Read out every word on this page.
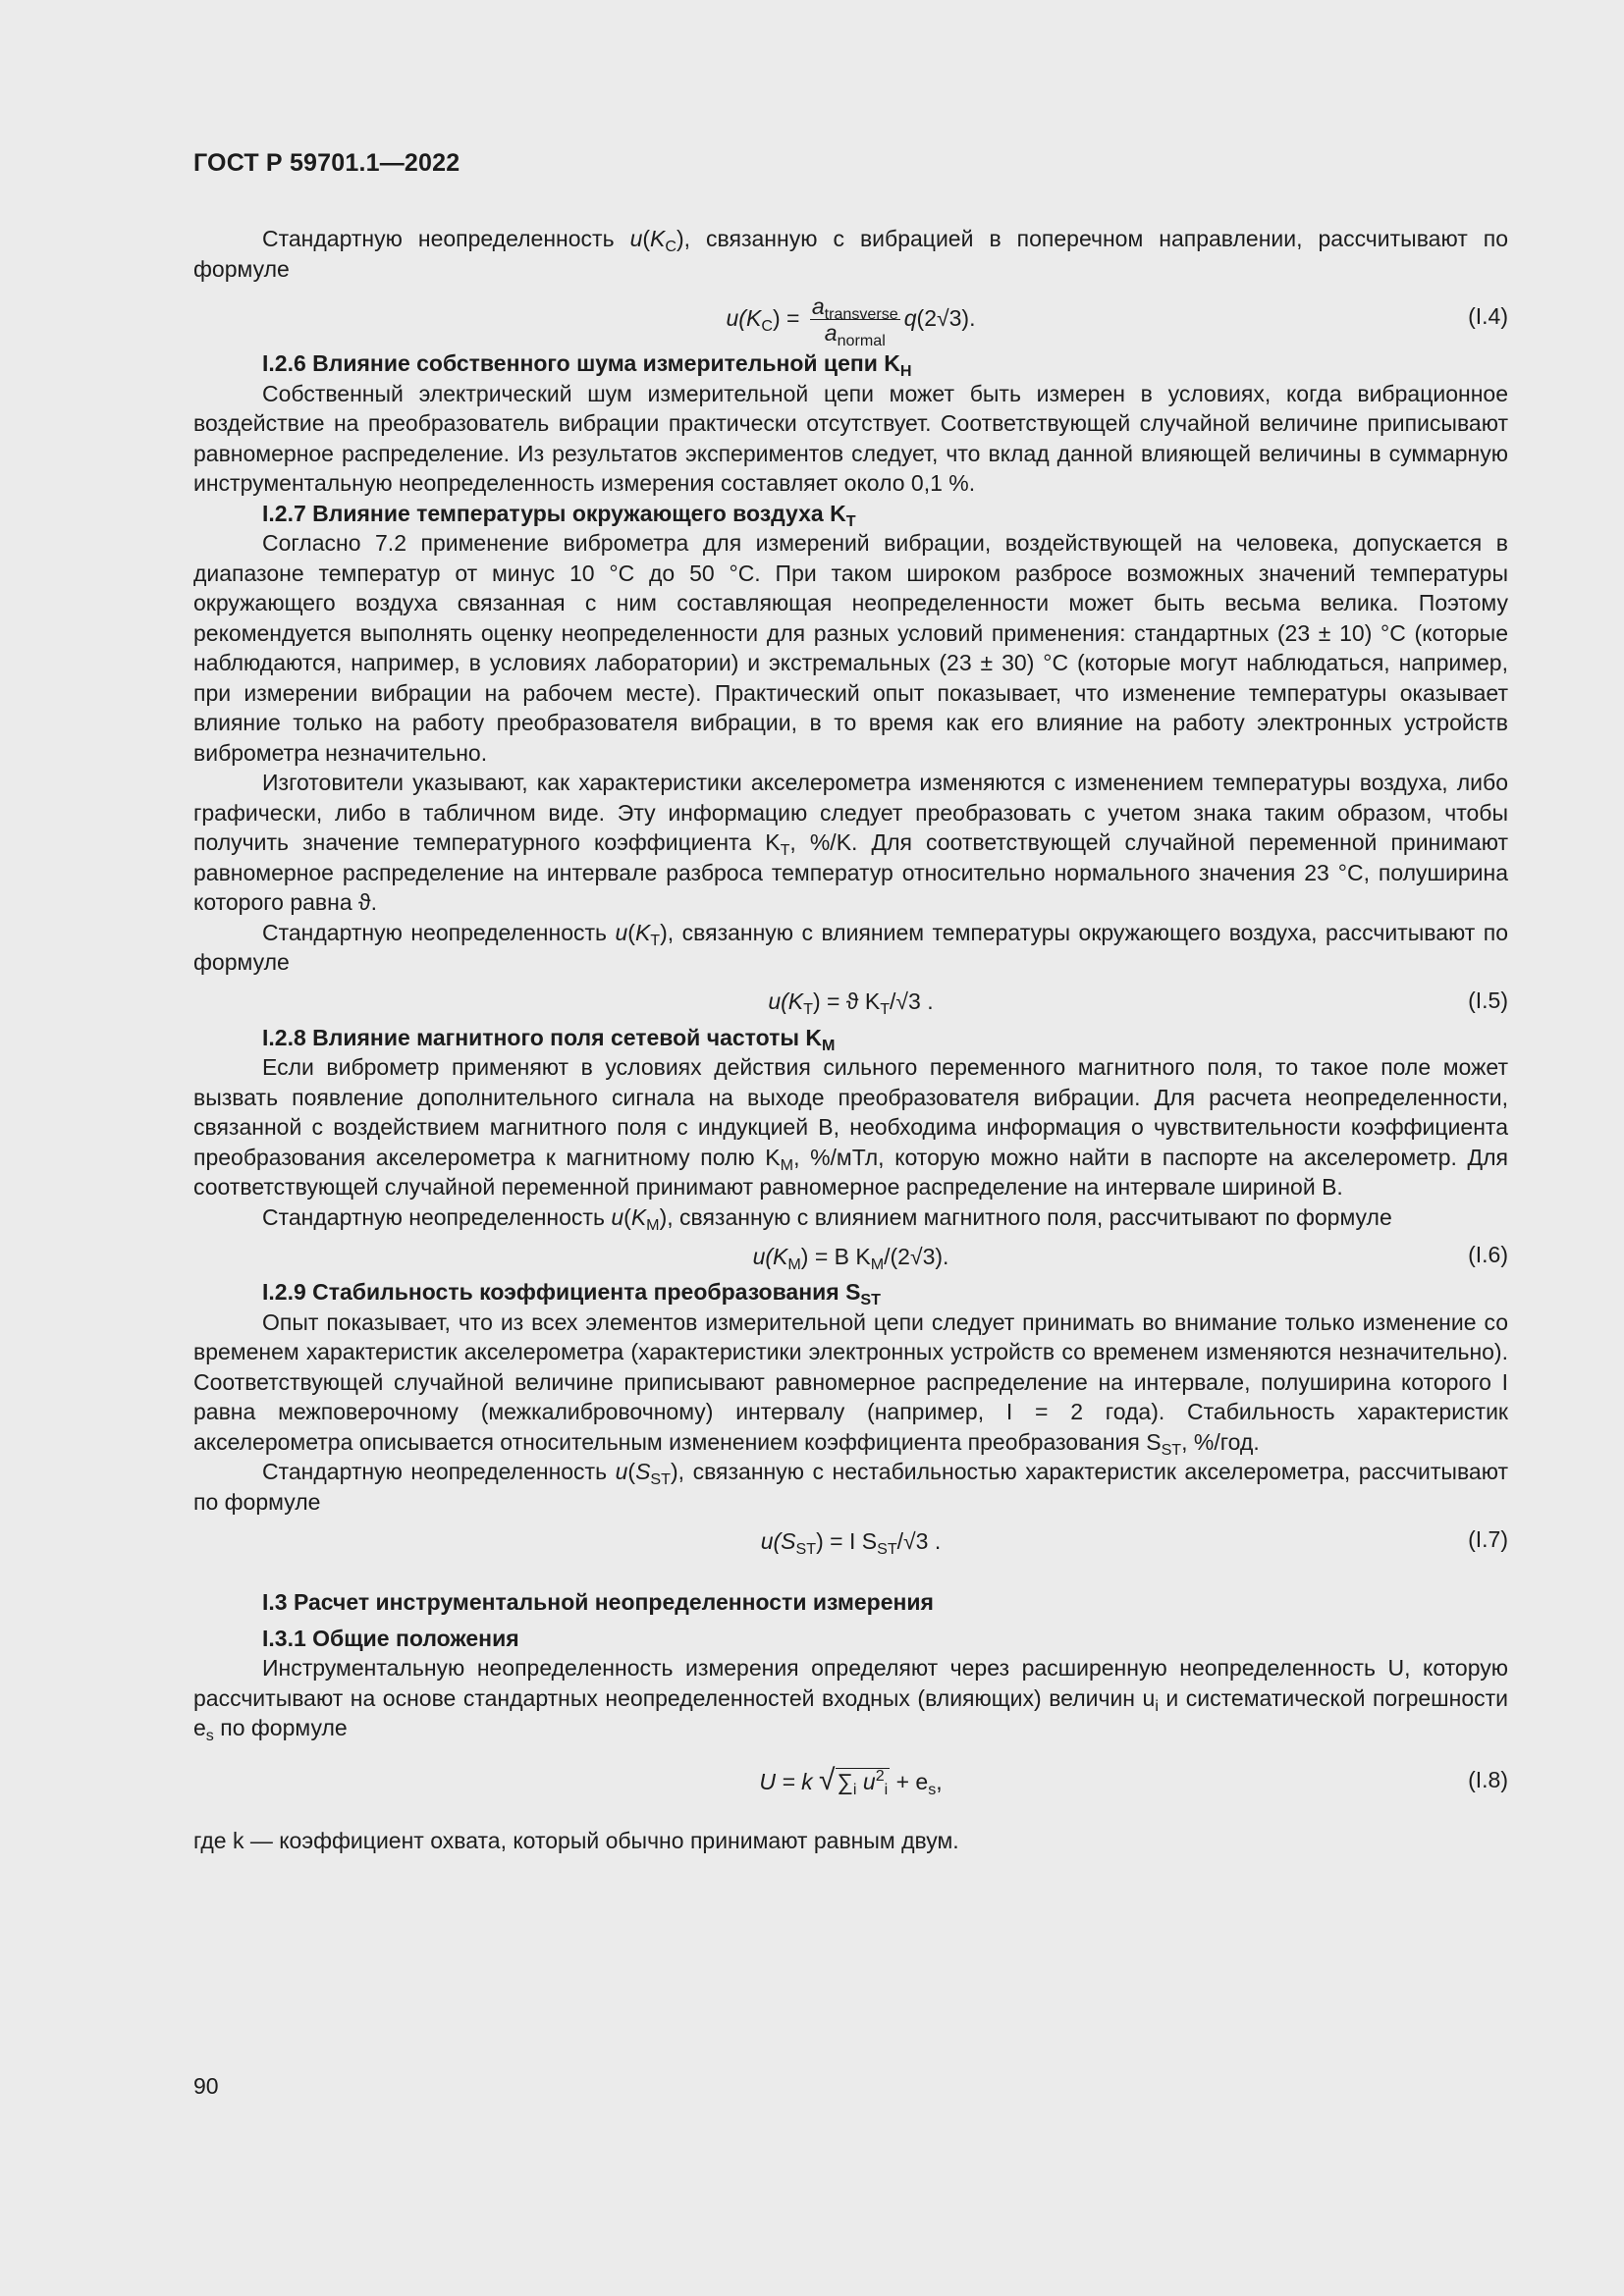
ГОСТ Р 59701.1—2022

Стандартную неопределенность $u(K_C)$, связанную с вибрацией в поперечном направлении, рассчитывают по формуле

$u(K_C) = \frac{a_{transverse}}{a_{normal}} q(2√3)$.	(I.4)

I.2.6 Влияние собственного шума измерительной цепи $K_H$

Собственный электрический шум измерительной цепи может быть измерен в условиях, когда вибрационное воздействие на преобразователь вибрации практически отсутствует. Соответствующей случайной величине приписывают равномерное распределение. Из результатов экспериментов следует, что вклад данной влияющей величины в суммарную инструментальную неопределенность измерения составляет около 0,1 %.

I.2.7 Влияние температуры окружающего воздуха $K_T$

Согласно 7.2 применение виброметра для измерений вибрации, воздействующей на человека, допускается в диапазоне температур от минус 10 °C до 50 °C. При таком широком разбросе возможных значений температуры окружающего воздуха связанная с ним составляющая неопределенности может быть весьма велика. Поэтому рекомендуется выполнять оценку неопределенности для разных условий применения: стандартных (23 ± 10) °C (которые наблюдаются, например, в условиях лаборатории) и экстремальных (23 ± 30) °C (которые могут наблюдаться, например, при измерении вибрации на рабочем месте). Практический опыт показывает, что изменение температуры оказывает влияние только на работу преобразователя вибрации, в то время как его влияние на работу электронных устройств виброметра незначительно.

Изготовители указывают, как характеристики акселерометра изменяются с изменением температуры воздуха, либо графически, либо в табличном виде. Эту информацию следует преобразовать с учетом знака таким образом, чтобы получить значение температурного коэффициента $K_T$, %/K. Для соответствующей случайной переменной принимают равномерное распределение на интервале разброса температур относительно нормального значения 23 °C, полуширина которого равна ϑ.

Стандартную неопределенность $u(K_T)$, связанную с влиянием температуры окружающего воздуха, рассчитывают по формуле

$u(K_T) = ϑ$ $K_T/√3$ .	(I.5)

I.2.8 Влияние магнитного поля сетевой частоты $K_M$

Если виброметр применяют в условиях действия сильного переменного магнитного поля, то такое поле может вызвать появление дополнительного сигнала на выходе преобразователя вибрации. Для расчета неопределенности, связанной с воздействием магнитного поля с индукцией B, необходима информация о чувствительности коэффициента преобразования акселерометра к магнитному полю $K_M$, %/мТл, которую можно найти в паспорте на акселерометр. Для соответствующей случайной переменной принимают равномерное распределение на интервале шириной B.

Стандартную неопределенность $u(K_M)$, связанную с влиянием магнитного поля, рассчитывают по формуле

$u(K_M) = B$ $K_M/(2√3)$.	(I.6)

I.2.9 Стабильность коэффициента преобразования $S_{ST}$

Опыт показывает, что из всех элементов измерительной цепи следует принимать во внимание только изменение со временем характеристик акселерометра (характеристики электронных устройств со временем изменяются незначительно). Соответствующей случайной величине приписывают равномерное распределение на интервале, полуширина которого I равна межповерочному (межкалибровочному) интервалу (например, I = 2 года). Стабильность характеристик акселерометра описывается относительным изменением коэффициента преобразования $S_{ST}$, %/год.

Стандартную неопределенность $u(S_{ST})$, связанную с нестабильностью характеристик акселерометра, рассчитывают по формуле

$u(S_{ST}) = I$ $S_{ST}/√3$ .	(I.7)

I.3 Расчет инструментальной неопределенности измерения

I.3.1 Общие положения

Инструментальную неопределенность измерения определяют через расширенную неопределенность U, которую рассчитывают на основе стандартных неопределенностей входных (влияющих) величин $u_i$ и систематической погрешности $e_s$ по формуле

U = k $√\sum_i$ $u^2_i + e_s$,	(I.8)

где k — коэффициент охвата, который обычно принимают равным двум.

90
